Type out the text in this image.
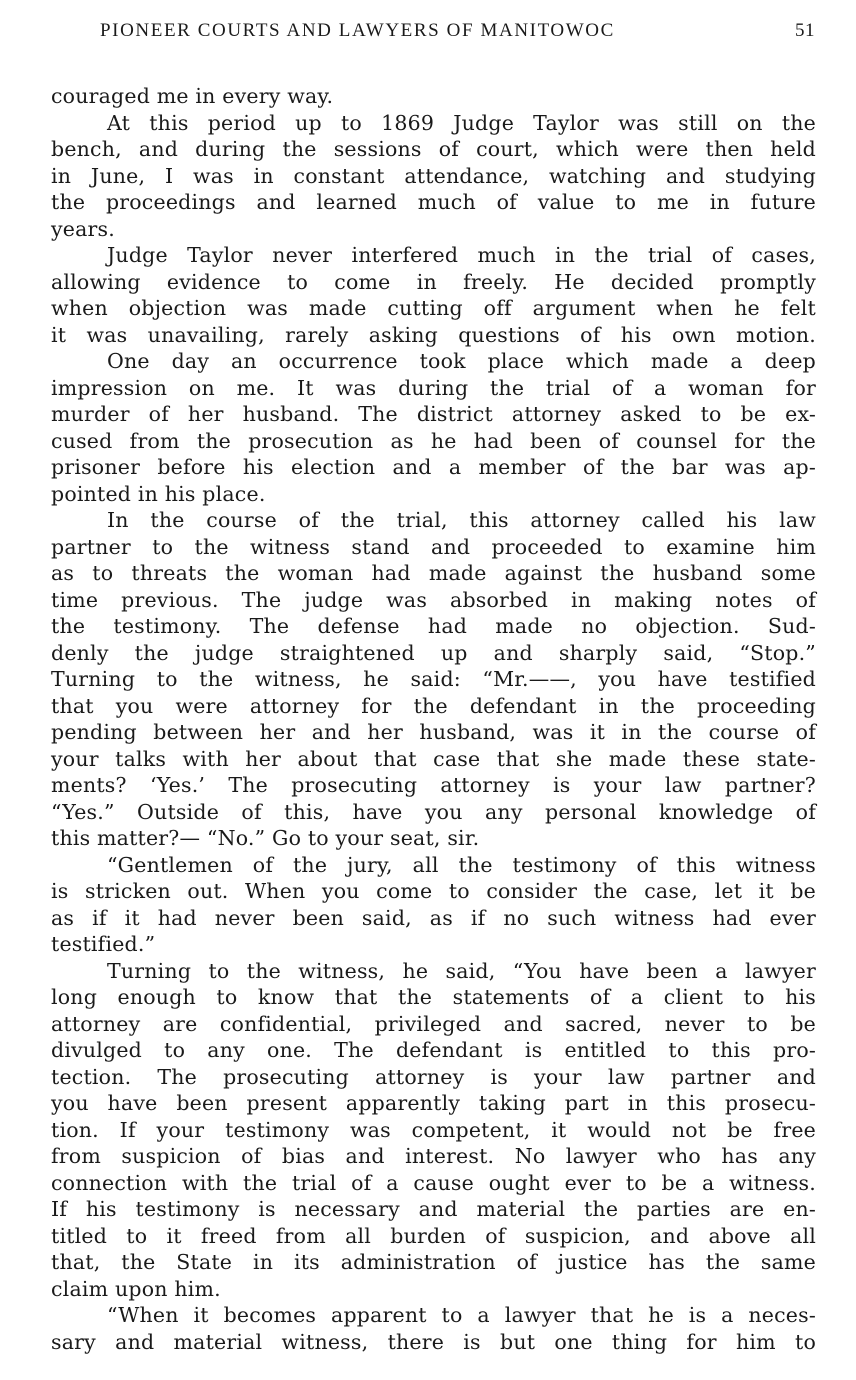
PIONEER COURTS AND LAWYERS OF MANITOWOC	51
couraged me in every way.
At this period up to 1869 Judge Taylor was still on the
bench, and during the sessions of court, which were then held
in June, I was in constant attendance, watching and studying
the proceedings and learned much of value to me in future
years.
Judge Taylor never interfered much in the trial of cases,
allowing evidence to come in freely. He decided promptly
when objection was made cutting off argument when he felt
it was unavailing, rarely asking questions of his own motion.
One day an occurrence took place which made a deep
impression on me. It was during the trial of a woman for
murder of her husband. The district attorney asked to be ex-
cused from the prosecution as he had been of counsel for the
prisoner before his election and a member of the bar was ap-
pointed in his place.
In the course of the trial, this attorney called his law
partner to the witness stand and proceeded to examine him
as to threats the woman had made against the husband some
time previous. The judge was absorbed in making notes of
the testimony. The defense had made no objection. Sud-
denly the judge straightened up and sharply said, “Stop.”
Turning to the witness, he said: “Mr.——, you have testified
that you were attorney for the defendant in the proceeding
pending between her and her husband, was it in the course of
your talks with her about that case that she made these state-
ments? ‘Yes.’ The prosecuting attorney is your law partner?
“Yes.” Outside of this, have you any personal knowledge of
this matter?— “No.” Go to your seat, sir.
“Gentlemen of the jury, all the testimony of this witness
is stricken out. When you come to consider the case, let it be
as if it had never been said, as if no such witness had ever
testified.”
Turning to the witness, he said, “You have been a lawyer
long enough to know that the statements of a client to his
attorney are confidential, privileged and sacred, never to be
divulged to any one. The defendant is entitled to this pro-
tection. The prosecuting attorney is your law partner and
you have been present apparently taking part in this prosecu-
tion. If your testimony was competent, it would not be free
from suspicion of bias and interest. No lawyer who has any
connection with the trial of a cause ought ever to be a witness.
If his testimony is necessary and material the parties are en-
titled to it freed from all burden of suspicion, and above all
that, the State in its administration of justice has the same
claim upon him.
“When it becomes apparent to a lawyer that he is a neces-
sary and material witness, there is but one thing for him to
